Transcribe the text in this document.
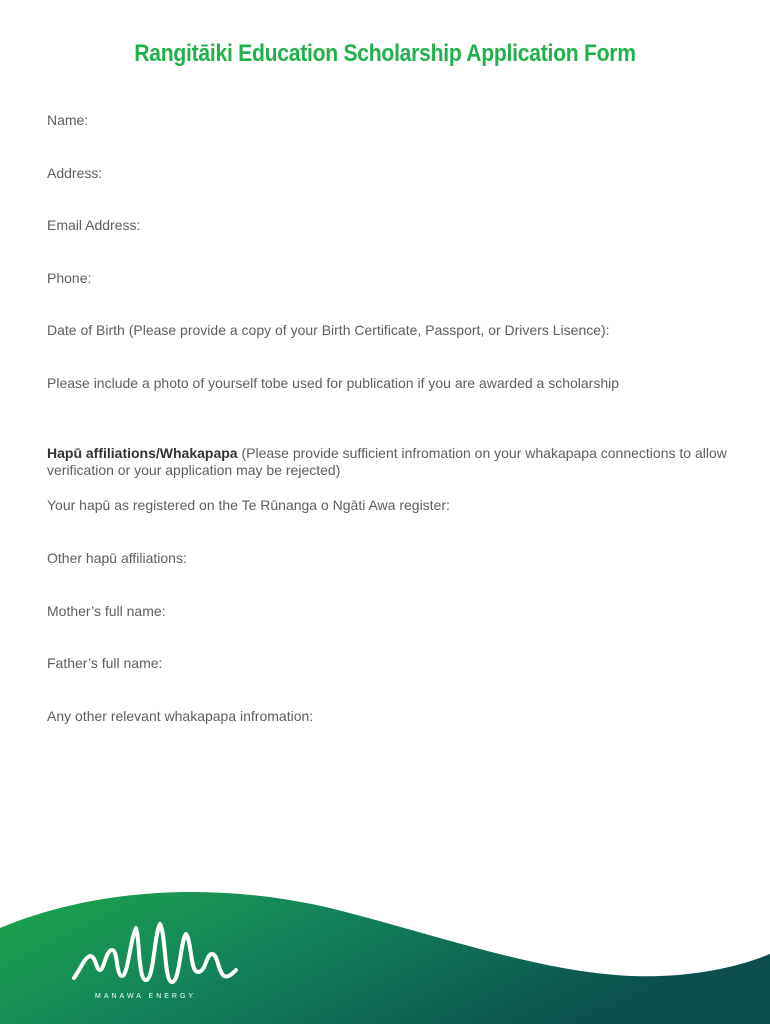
Rangitāiki Education Scholarship Application Form
Name:
Address:
Email Address:
Phone:
Date of Birth (Please provide a copy of your Birth Certificate, Passport, or Drivers Lisence):
Please include a photo of yourself tobe used for publication if you are awarded a scholarship
Hapū affiliations/Whakapapa (Please provide sufficient infromation on your whakapapa connections to allow verification or your application may be rejected)
Your hapū as registered on the Te Rūnanga o Ngāti Awa register:
Other hapū affiliations:
Mother’s full name:
Father’s full name:
Any other relevant whakapapa infromation:
MANAWA ENERGY
